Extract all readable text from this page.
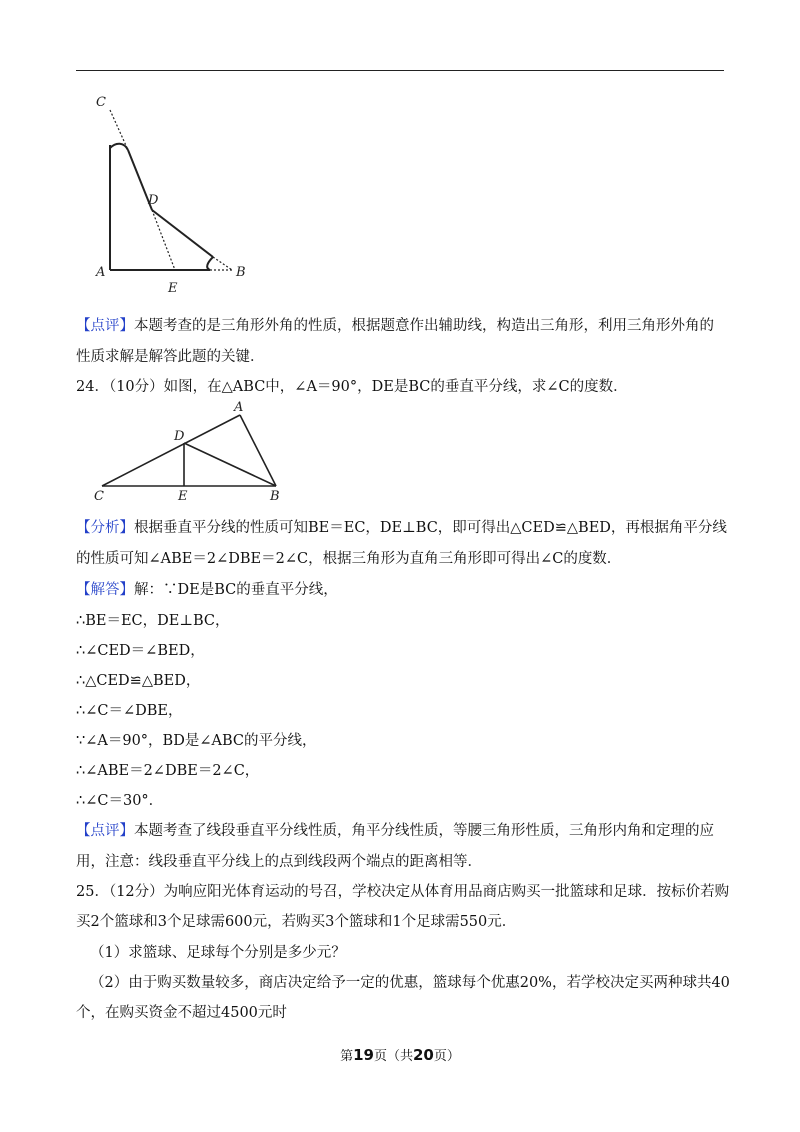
C
D
A
E
B
【点评】本题考查的是三角形外角的性质，根据题意作出辅助线，构造出三角形，利用三角形外角的
性质求解是解答此题的关键．
24．（10分）如图，在△ABC中，∠A＝90°，DE是BC的垂直平分线，求∠C的度数．
A
D
C	E	B
【分析】根据垂直平分线的性质可知BE＝EC，DE⊥BC，即可得出△CED≌△BED，再根据角平分线
的性质可知∠ABE＝2∠DBE＝2∠C，根据三角形为直角三角形即可得出∠C的度数．
【解答】解：∵DE是BC的垂直平分线，
∴BE＝EC，DE⊥BC，
∴∠CED＝∠BED，
∴△CED≌△BED，
∴∠C＝∠DBE，
∵∠A＝90°，BD是∠ABC的平分线，
∴∠ABE＝2∠DBE＝2∠C，
∴∠C＝30°．
【点评】本题考查了线段垂直平分线性质，角平分线性质，等腰三角形性质，三角形内角和定理的应
用，注意：线段垂直平分线上的点到线段两个端点的距离相等．
25．（12分）为响应阳光体育运动的号召，学校决定从体育用品商店购买一批篮球和足球．按标价若购
买2个篮球和3个足球需600元，若购买3个篮球和1个足球需550元．
（1）求篮球、足球每个分别是多少元？
（2）由于购买数量较多，商店决定给予一定的优惠，篮球每个优惠20%，若学校决定买两种球共40
个，在购买资金不超过4500元时
第19页（共20页）
